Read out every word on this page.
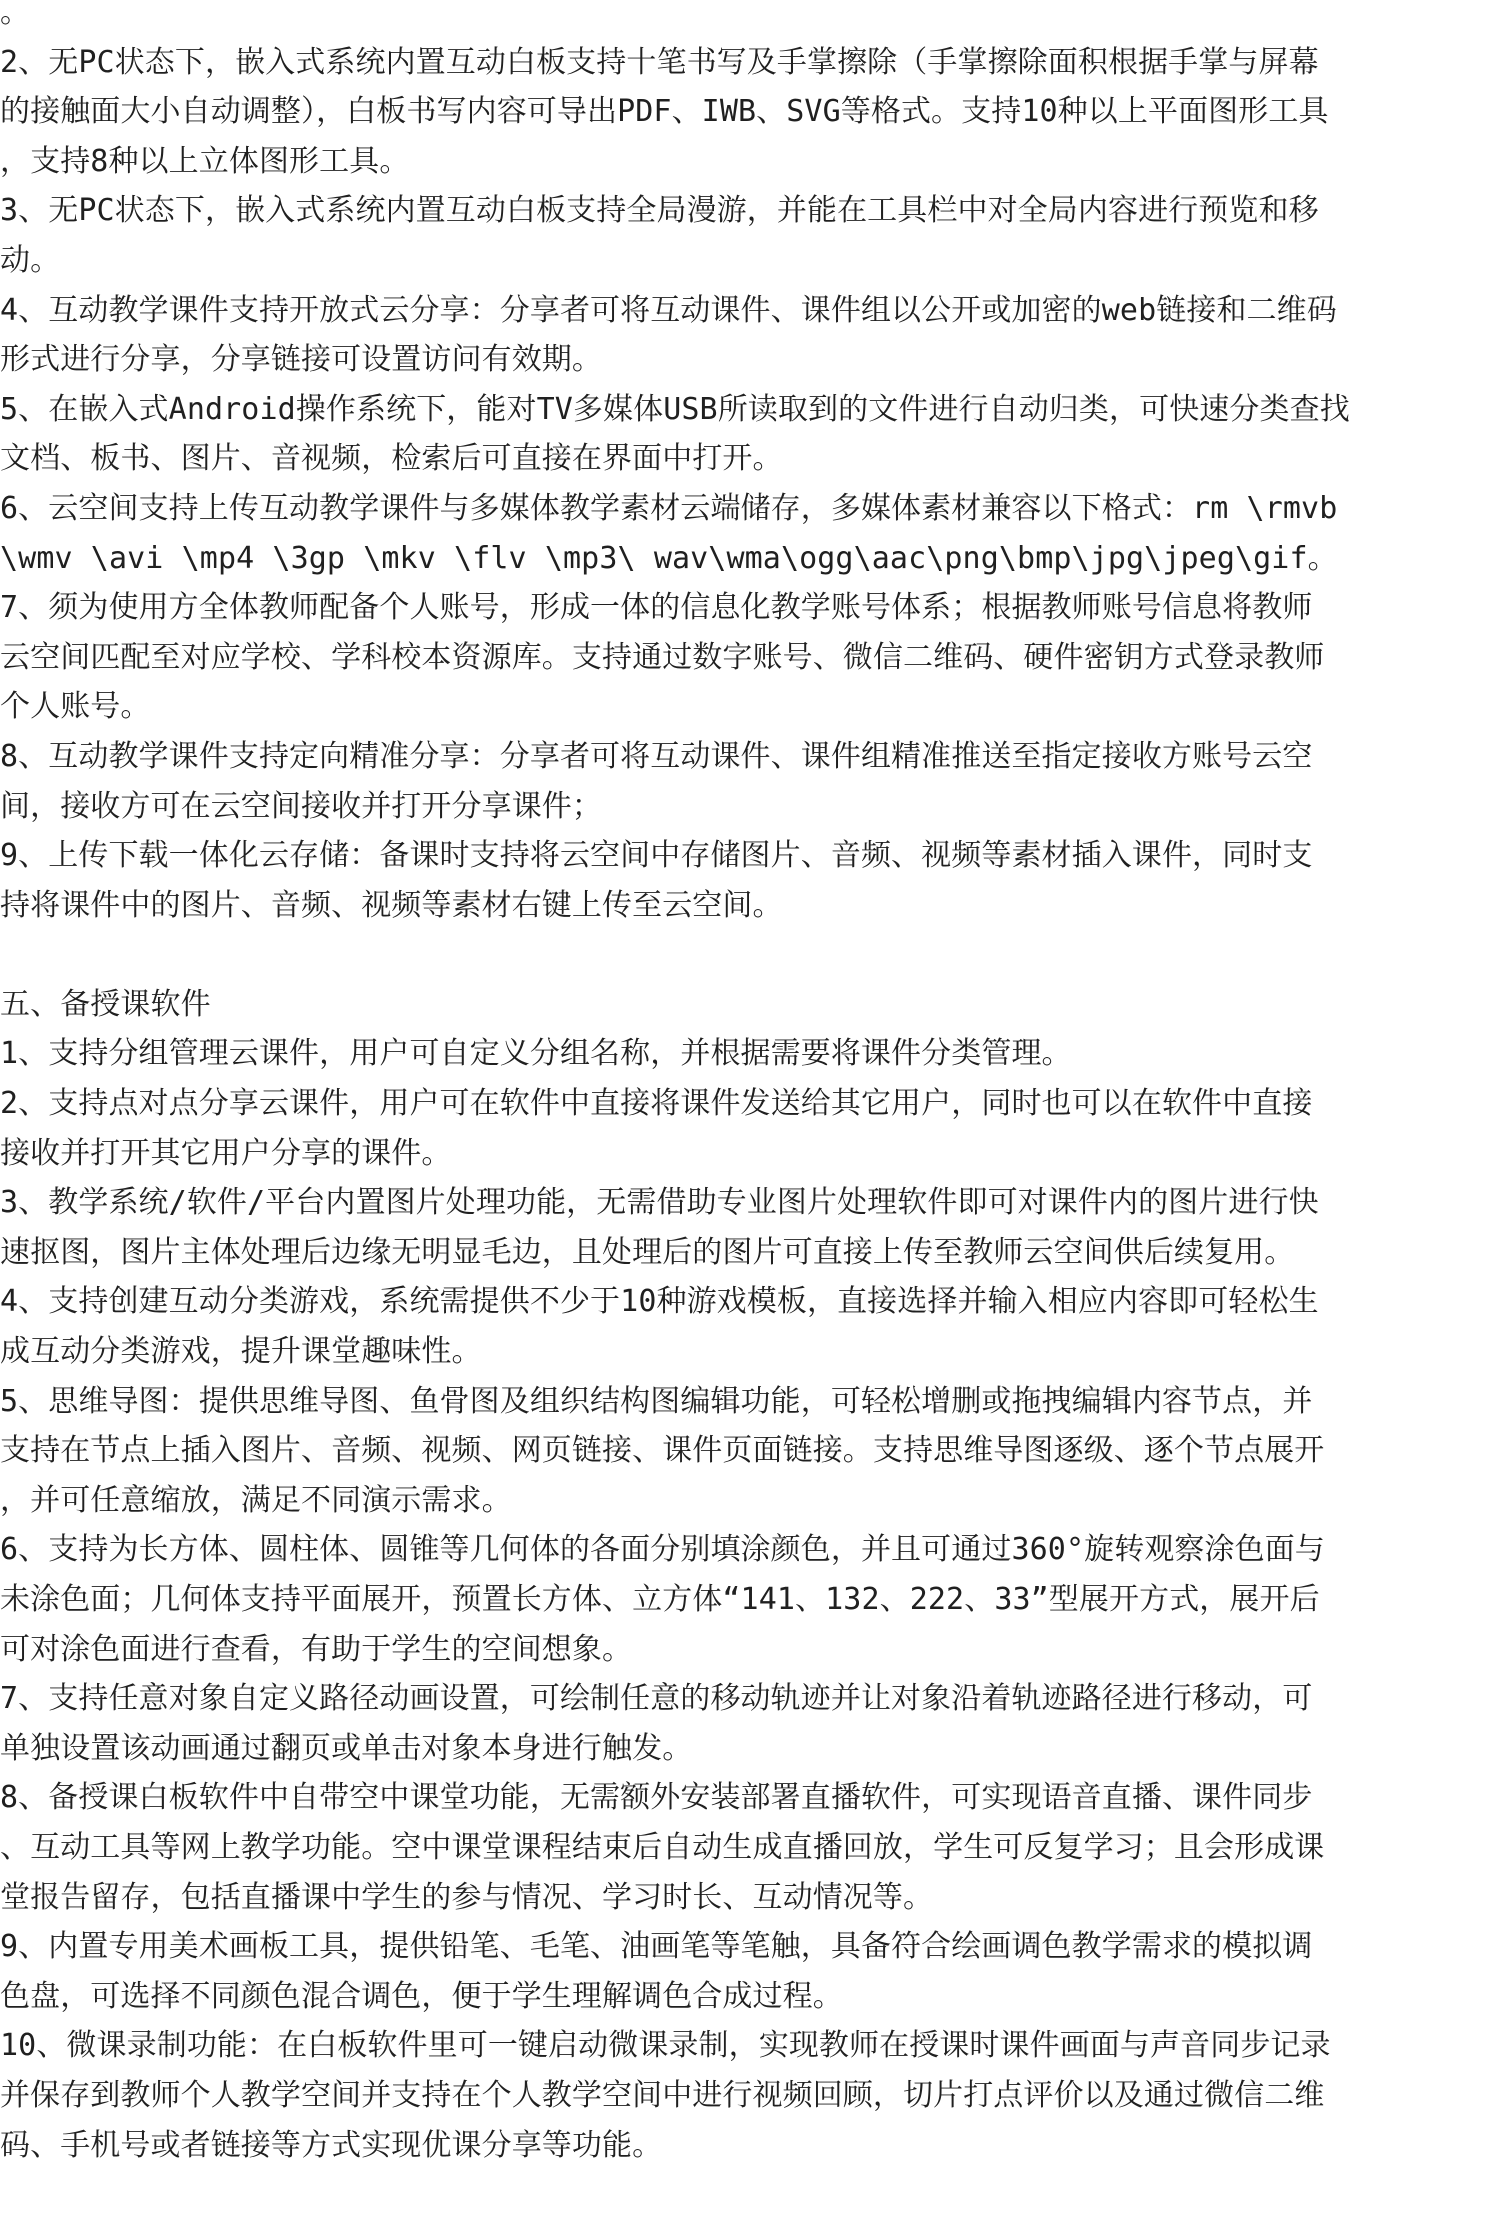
。
2、无PC状态下，嵌入式系统内置互动白板支持十笔书写及手掌擦除（手掌擦除面积根据手掌与屏幕
的接触面大小自动调整），白板书写内容可导出PDF、IWB、SVG等格式。支持10种以上平面图形工具
，支持8种以上立体图形工具。
3、无PC状态下，嵌入式系统内置互动白板支持全局漫游，并能在工具栏中对全局内容进行预览和移
动。
4、互动教学课件支持开放式云分享：分享者可将互动课件、课件组以公开或加密的web链接和二维码
形式进行分享，分享链接可设置访问有效期。
5、在嵌入式Android操作系统下，能对TV多媒体USB所读取到的文件进行自动归类，可快速分类查找
文档、板书、图片、音视频，检索后可直接在界面中打开。
6、云空间支持上传互动教学课件与多媒体教学素材云端储存，多媒体素材兼容以下格式：rm \rmvb
\wmv \avi \mp4 \3gp \mkv \flv \mp3\ wav\wma\ogg\aac\png\bmp\jpg\jpeg\gif。
7、须为使用方全体教师配备个人账号，形成一体的信息化教学账号体系；根据教师账号信息将教师
云空间匹配至对应学校、学科校本资源库。支持通过数字账号、微信二维码、硬件密钥方式登录教师
个人账号。
8、互动教学课件支持定向精准分享：分享者可将互动课件、课件组精准推送至指定接收方账号云空
间，接收方可在云空间接收并打开分享课件；
9、上传下载一体化云存储：备课时支持将云空间中存储图片、音频、视频等素材插入课件，同时支
持将课件中的图片、音频、视频等素材右键上传至云空间。
五、备授课软件
1、支持分组管理云课件，用户可自定义分组名称，并根据需要将课件分类管理。
2、支持点对点分享云课件，用户可在软件中直接将课件发送给其它用户，同时也可以在软件中直接
接收并打开其它用户分享的课件。
3、教学系统/软件/平台内置图片处理功能，无需借助专业图片处理软件即可对课件内的图片进行快
速抠图，图片主体处理后边缘无明显毛边，且处理后的图片可直接上传至教师云空间供后续复用。
4、支持创建互动分类游戏，系统需提供不少于10种游戏模板，直接选择并输入相应内容即可轻松生
成互动分类游戏，提升课堂趣味性。
5、思维导图：提供思维导图、鱼骨图及组织结构图编辑功能，可轻松增删或拖拽编辑内容节点，并
支持在节点上插入图片、音频、视频、网页链接、课件页面链接。支持思维导图逐级、逐个节点展开
，并可任意缩放，满足不同演示需求。
6、支持为长方体、圆柱体、圆锥等几何体的各面分别填涂颜色，并且可通过360°旋转观察涂色面与
未涂色面；几何体支持平面展开，预置长方体、立方体“141、132、222、33”型展开方式，展开后
可对涂色面进行查看，有助于学生的空间想象。
7、支持任意对象自定义路径动画设置，可绘制任意的移动轨迹并让对象沿着轨迹路径进行移动，可
单独设置该动画通过翻页或单击对象本身进行触发。
8、备授课白板软件中自带空中课堂功能，无需额外安装部署直播软件，可实现语音直播、课件同步
、互动工具等网上教学功能。空中课堂课程结束后自动生成直播回放，学生可反复学习；且会形成课
堂报告留存，包括直播课中学生的参与情况、学习时长、互动情况等。
9、内置专用美术画板工具，提供铅笔、毛笔、油画笔等笔触，具备符合绘画调色教学需求的模拟调
色盘，可选择不同颜色混合调色，便于学生理解调色合成过程。
10、微课录制功能：在白板软件里可一键启动微课录制，实现教师在授课时课件画面与声音同步记录
并保存到教师个人教学空间并支持在个人教学空间中进行视频回顾，切片打点评价以及通过微信二维
码、手机号或者链接等方式实现优课分享等功能。
